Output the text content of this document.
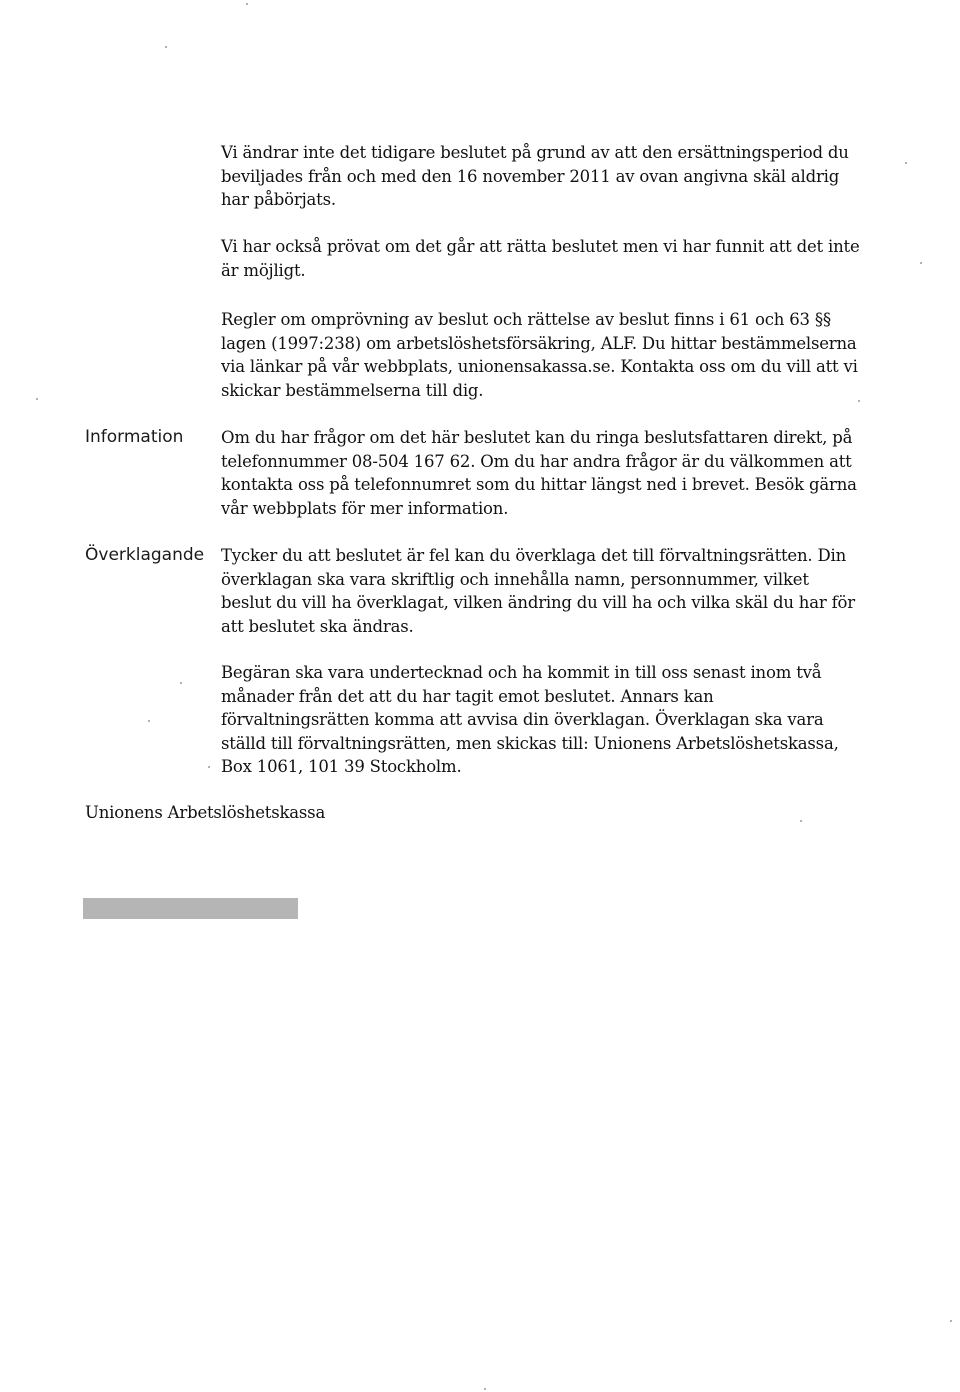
Vi ändrar inte det tidigare beslutet på grund av att den ersättningsperiod du beviljades från och med den 16 november 2011 av ovan angivna skäl aldrig har påbörjats.

Vi har också prövat om det går att rätta beslutet men vi har funnit att det inte är möjligt.

Regler om omprövning av beslut och rättelse av beslut finns i 61 och 63 §§ lagen (1997:238) om arbetslöshetsförsäkring, ALF. Du hittar bestämmelserna via länkar på vår webbplats, unionensakassa.se. Kontakta oss om du vill att vi skickar bestämmelserna till dig.

Information Om du har frågor om det här beslutet kan du ringa beslutsfattaren direkt, på telefonnummer 08-504 167 62. Om du har andra frågor är du välkommen att kontakta oss på telefonnumret som du hittar längst ned i brevet. Besök gärna vår webbplats för mer information.

Överklagande Tycker du att beslutet är fel kan du överklaga det till förvaltningsrätten. Din överklagan ska vara skriftlig och innehålla namn, personnummer, vilket beslut du vill ha överklagat, vilken ändring du vill ha och vilka skäl du har för att beslutet ska ändras.

Begäran ska vara undertecknad och ha kommit in till oss senast inom två månader från det att du har tagit emot beslutet. Annars kan förvaltningsrätten komma att avvisa din överklagan. Överklagan ska vara ställd till förvaltningsrätten, men skickas till: Unionens Arbetslöshetskassa, Box 1061, 101 39 Stockholm.

Unionens Arbetslöshetskassa
